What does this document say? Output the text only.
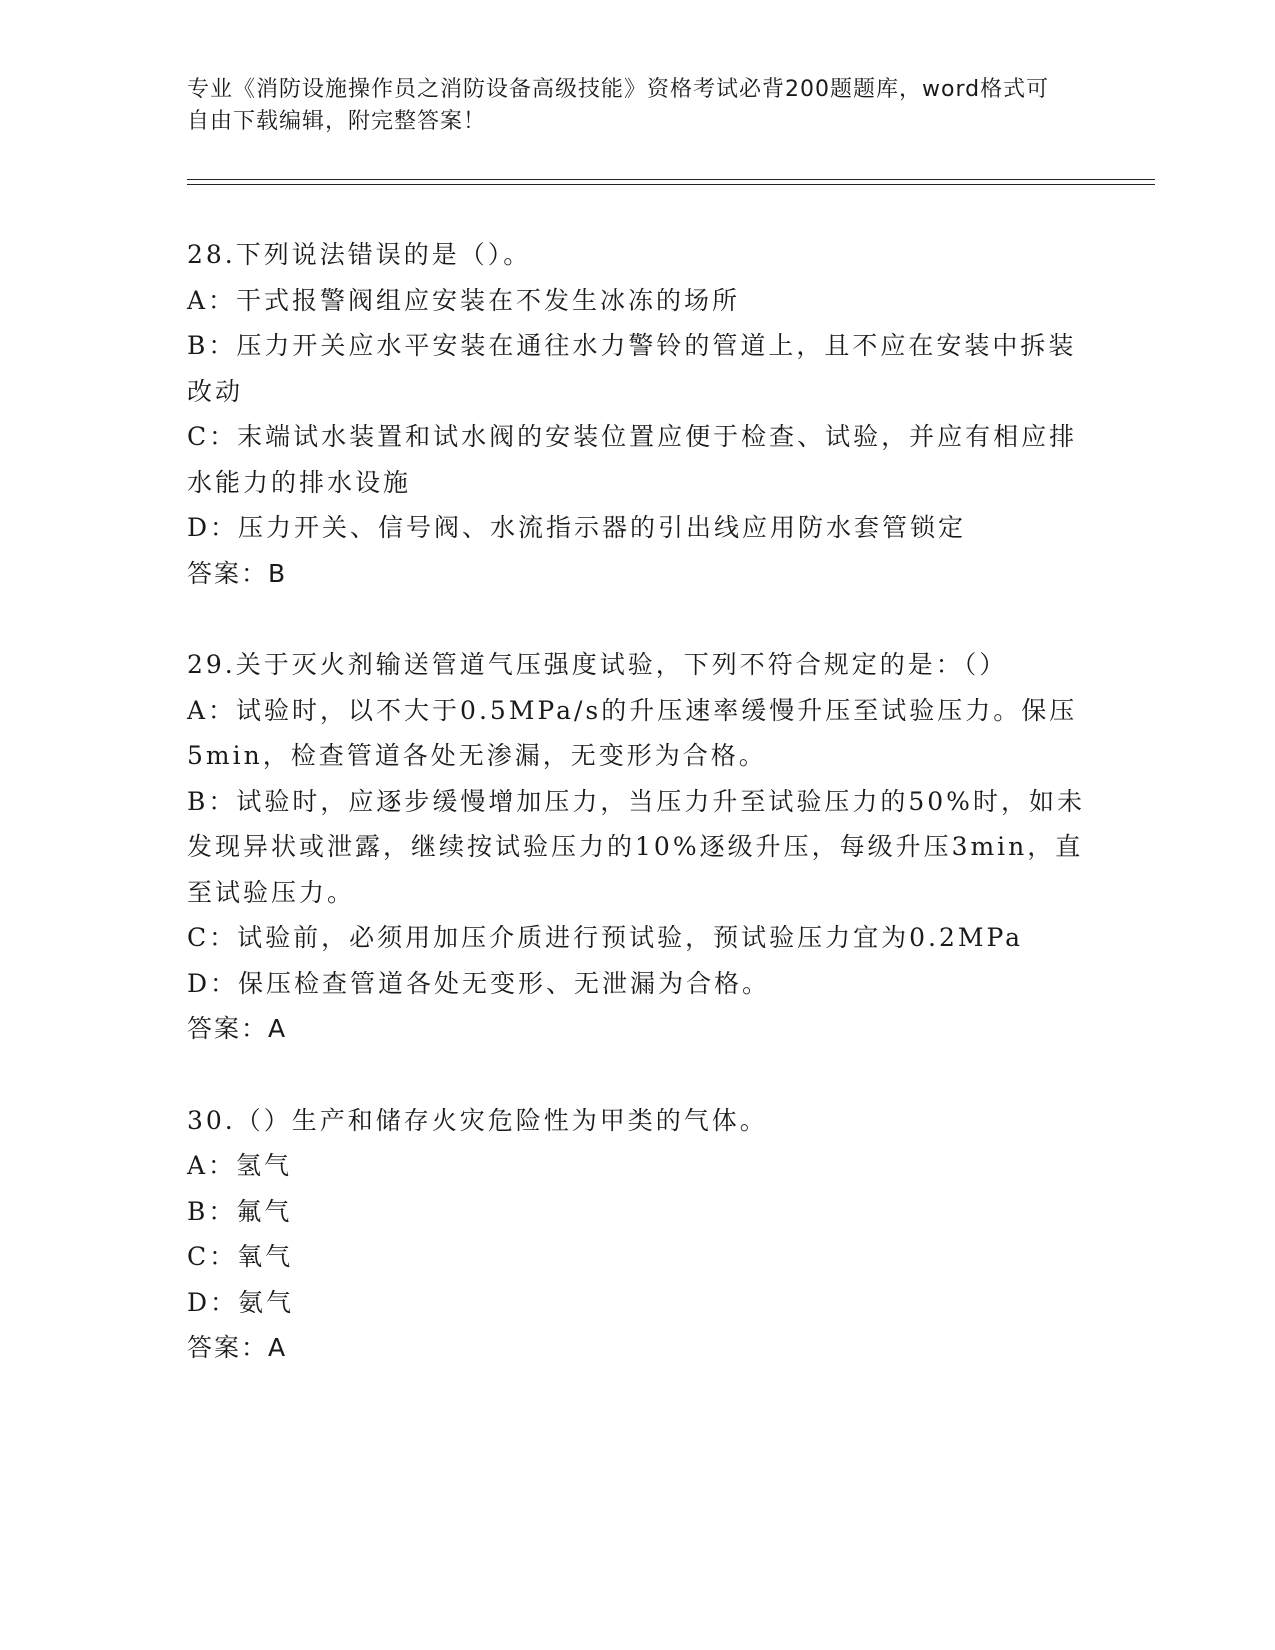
专业《消防设施操作员之消防设备高级技能》资格考试必背200题题库，word格式可自由下载编辑，附完整答案！
28.下列说法错误的是（）。
A：干式报警阀组应安装在不发生冰冻的场所
B：压力开关应水平安装在通往水力警铃的管道上，且不应在安装中拆装改动
C：末端试水装置和试水阀的安装位置应便于检查、试验，并应有相应排水能力的排水设施
D：压力开关、信号阀、水流指示器的引出线应用防水套管锁定
答案：B
29.关于灭火剂输送管道气压强度试验，下列不符合规定的是：（）
A：试验时，以不大于0.5MPa/s的升压速率缓慢升压至试验压力。保压5min，检查管道各处无渗漏，无变形为合格。
B：试验时，应逐步缓慢增加压力，当压力升至试验压力的50%时，如未发现异状或泄露，继续按试验压力的10%逐级升压，每级升压3min，直至试验压力。
C：试验前，必须用加压介质进行预试验，预试验压力宜为0.2MPa
D：保压检查管道各处无变形、无泄漏为合格。
答案：A
30.（）生产和储存火灾危险性为甲类的气体。
A：氢气
B：氟气
C：氧气
D：氨气
答案：A
